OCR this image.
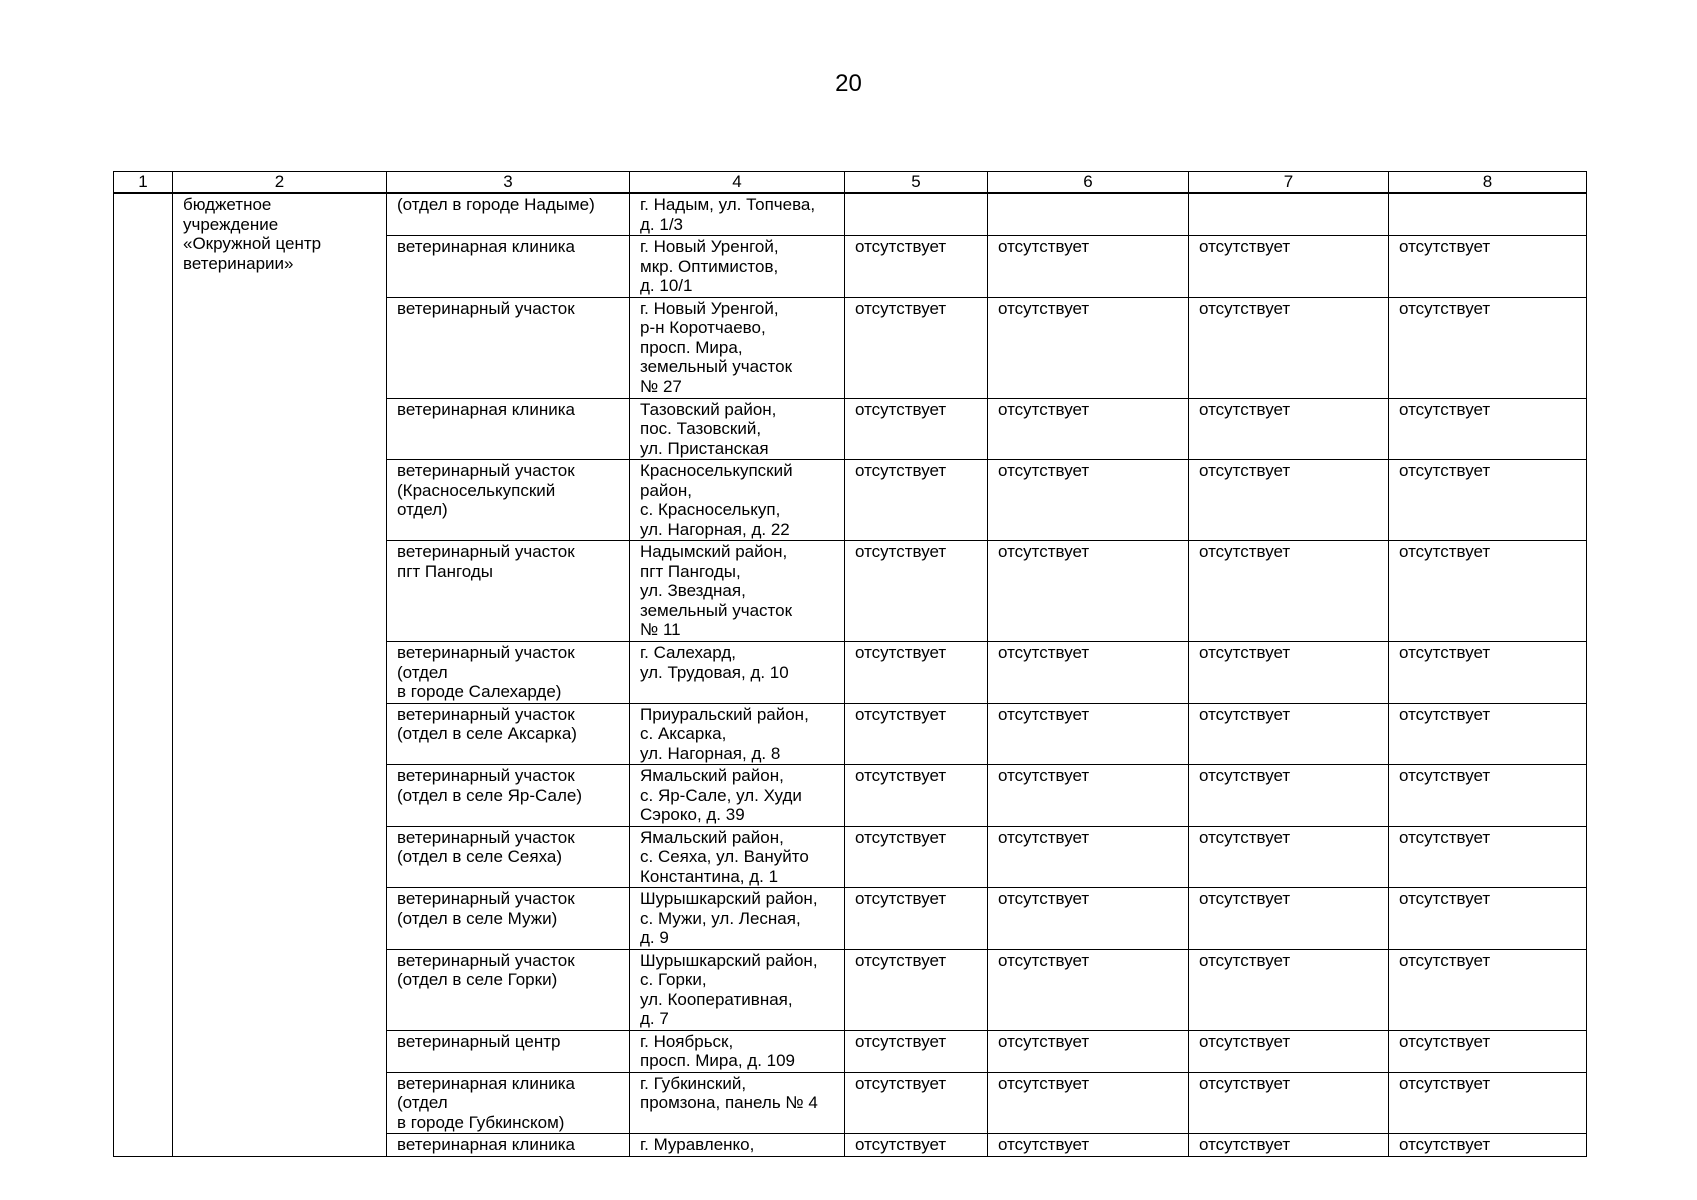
20
1	2	3	4	5	6	7	8
	бюджетное
учреждение
«Окружной центр
ветеринарии»	(отдел в городе Надыме)	г. Надым, ул. Топчева,
д. 1/3				
		ветеринарная клиника	г. Новый Уренгой,
мкр. Оптимистов,
д. 10/1	отсутствует	отсутствует	отсутствует	отсутствует
		ветеринарный участок	г. Новый Уренгой,
р-н Коротчаево,
просп. Мира,
земельный участок
№ 27	отсутствует	отсутствует	отсутствует	отсутствует
		ветеринарная клиника	Тазовский район,
пос. Тазовский,
ул. Пристанская	отсутствует	отсутствует	отсутствует	отсутствует
		ветеринарный участок
(Красноселькупский
отдел)	Красноселькупский
район,
с. Красноселькуп,
ул. Нагорная, д. 22	отсутствует	отсутствует	отсутствует	отсутствует
		ветеринарный участок
пгт Пангоды	Надымский район,
пгт Пангоды,
ул. Звездная,
земельный участок
№ 11	отсутствует	отсутствует	отсутствует	отсутствует
		ветеринарный участок
(отдел
в городе Салехарде)	г. Салехард,
ул. Трудовая, д. 10	отсутствует	отсутствует	отсутствует	отсутствует
		ветеринарный участок
(отдел в селе Аксарка)	Приуральский район,
с. Аксарка,
ул. Нагорная, д. 8	отсутствует	отсутствует	отсутствует	отсутствует
		ветеринарный участок
(отдел в селе Яр-Сале)	Ямальский район,
с. Яр-Сале, ул. Худи
Сэроко, д. 39	отсутствует	отсутствует	отсутствует	отсутствует
		ветеринарный участок
(отдел в селе Сеяха)	Ямальский район,
с. Сеяха, ул. Вануйто
Константина, д. 1	отсутствует	отсутствует	отсутствует	отсутствует
		ветеринарный участок
(отдел в селе Мужи)	Шурышкарский район,
с. Мужи, ул. Лесная,
д. 9	отсутствует	отсутствует	отсутствует	отсутствует
		ветеринарный участок
(отдел в селе Горки)	Шурышкарский район,
с. Горки,
ул. Кооперативная,
д. 7	отсутствует	отсутствует	отсутствует	отсутствует
		ветеринарный центр	г. Ноябрьск,
просп. Мира, д. 109	отсутствует	отсутствует	отсутствует	отсутствует
		ветеринарная клиника
(отдел
в городе Губкинском)	г. Губкинский,
промзона, панель № 4	отсутствует	отсутствует	отсутствует	отсутствует
		ветеринарная клиника	г. Муравленко,	отсутствует	отсутствует	отсутствует	отсутствует
